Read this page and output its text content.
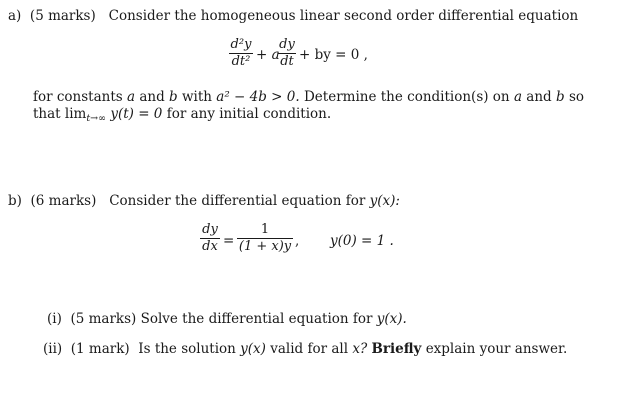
a) (5 marks) Consider the homogeneous linear second order differential equation
d²y
dt² + a
dy
dt + by = 0 ,
for constants a and b with a² − 4b > 0. Determine the condition(s) on a and b so
that $\lim_{t\to\infty} y(t) = 0$ for any initial condition.
b) (6 marks) Consider the differential equation for y(x):
dy
dx =
1
(1 + x)y , y(0) = 1 .
(i) (5 marks) Solve the differential equation for y(x).
(ii) (1 mark) Is the solution y(x) valid for all x? Briefly explain your answer.
